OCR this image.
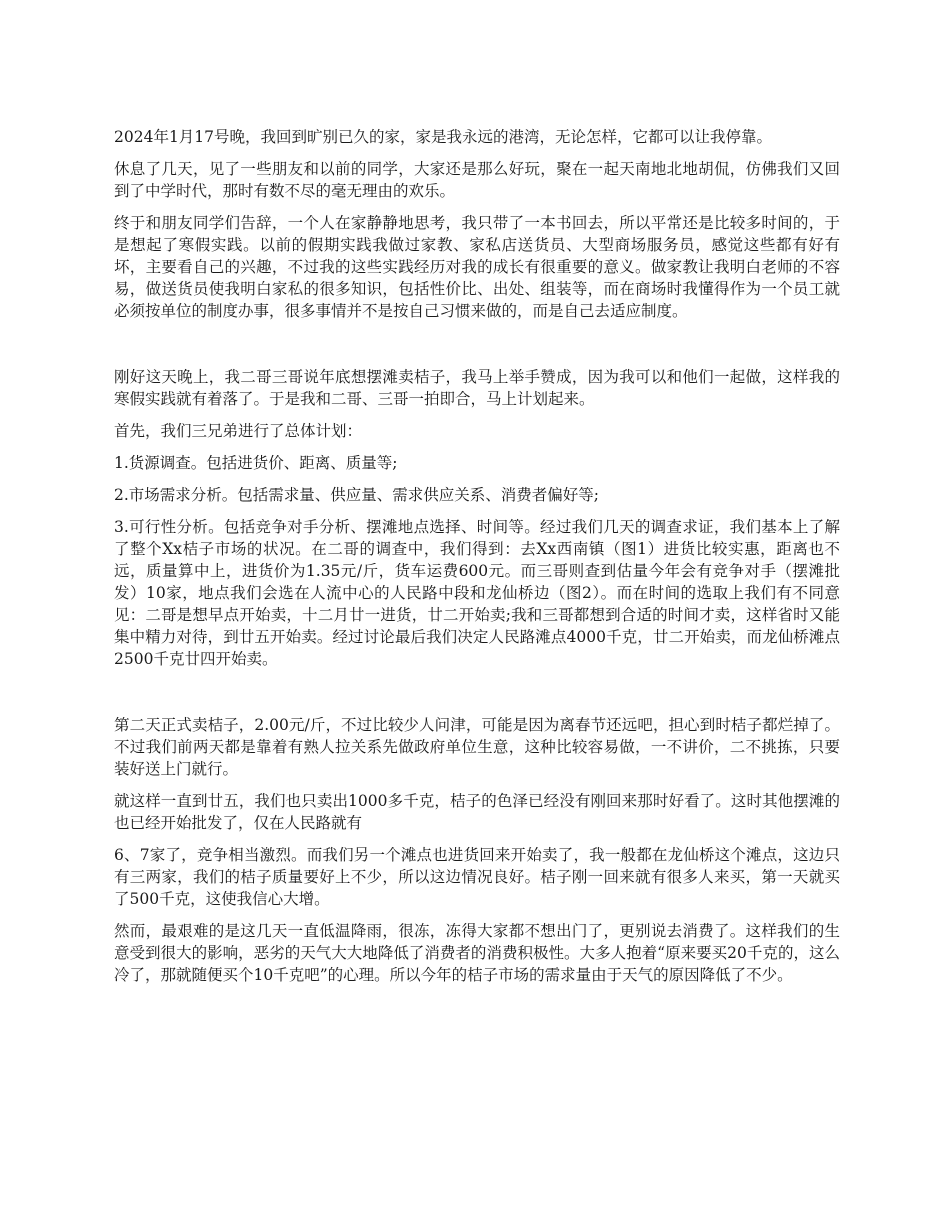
2024年1月17号晚，我回到旷别已久的家，家是我永远的港湾，无论怎样，它都可以让我停靠。

休息了几天，见了一些朋友和以前的同学，大家还是那么好玩，聚在一起天南地北地胡侃，仿佛我们又回到了中学时代，那时有数不尽的毫无理由的欢乐。

终于和朋友同学们告辞，一个人在家静静地思考，我只带了一本书回去，所以平常还是比较多时间的，于是想起了寒假实践。以前的假期实践我做过家教、家私店送货员、大型商场服务员，感觉这些都有好有坏，主要看自己的兴趣，不过我的这些实践经历对我的成长有很重要的意义。做家教让我明白老师的不容易，做送货员使我明白家私的很多知识，包括性价比、出处、组装等，而在商场时我懂得作为一个员工就必须按单位的制度办事，很多事情并不是按自己习惯来做的，而是自己去适应制度。

刚好这天晚上，我二哥三哥说年底想摆滩卖桔子，我马上举手赞成，因为我可以和他们一起做，这样我的寒假实践就有着落了。于是我和二哥、三哥一拍即合，马上计划起来。

首先，我们三兄弟进行了总体计划：

1.货源调查。包括进货价、距离、质量等;

2.市场需求分析。包括需求量、供应量、需求供应关系、消费者偏好等;

3.可行性分析。包括竞争对手分析、摆滩地点选择、时间等。经过我们几天的调查求证，我们基本上了解了整个Xx桔子市场的状况。在二哥的调查中，我们得到：去Xx西南镇（图1）进货比较实惠，距离也不远，质量算中上，进货价为1.35元/斤，货车运费600元。而三哥则查到估量今年会有竞争对手（摆滩批发）10家，地点我们会选在人流中心的人民路中段和龙仙桥边（图2）。而在时间的选取上我们有不同意见：二哥是想早点开始卖，十二月廿一进货，廿二开始卖;我和三哥都想到合适的时间才卖，这样省时又能集中精力对待，到廿五开始卖。经过讨论最后我们决定人民路滩点4000千克，廿二开始卖，而龙仙桥滩点2500千克廿四开始卖。

第二天正式卖桔子，2.00元/斤，不过比较少人问津，可能是因为离春节还远吧，担心到时桔子都烂掉了。不过我们前两天都是靠着有熟人拉关系先做政府单位生意，这种比较容易做，一不讲价，二不挑拣，只要装好送上门就行。

就这样一直到廿五，我们也只卖出1000多千克，桔子的色泽已经没有刚回来那时好看了。这时其他摆滩的也已经开始批发了，仅在人民路就有

6、7家了，竞争相当激烈。而我们另一个滩点也进货回来开始卖了，我一般都在龙仙桥这个滩点，这边只有三两家，我们的桔子质量要好上不少，所以这边情况良好。桔子刚一回来就有很多人来买，第一天就买了500千克，这使我信心大增。

然而，最艰难的是这几天一直低温降雨，很冻，冻得大家都不想出门了，更别说去消费了。这样我们的生意受到很大的影响，恶劣的天气大大地降低了消费者的消费积极性。大多人抱着“原来要买20千克的，这么冷了，那就随便买个10千克吧”的心理。所以今年的桔子市场的需求量由于天气的原因降低了不少。
